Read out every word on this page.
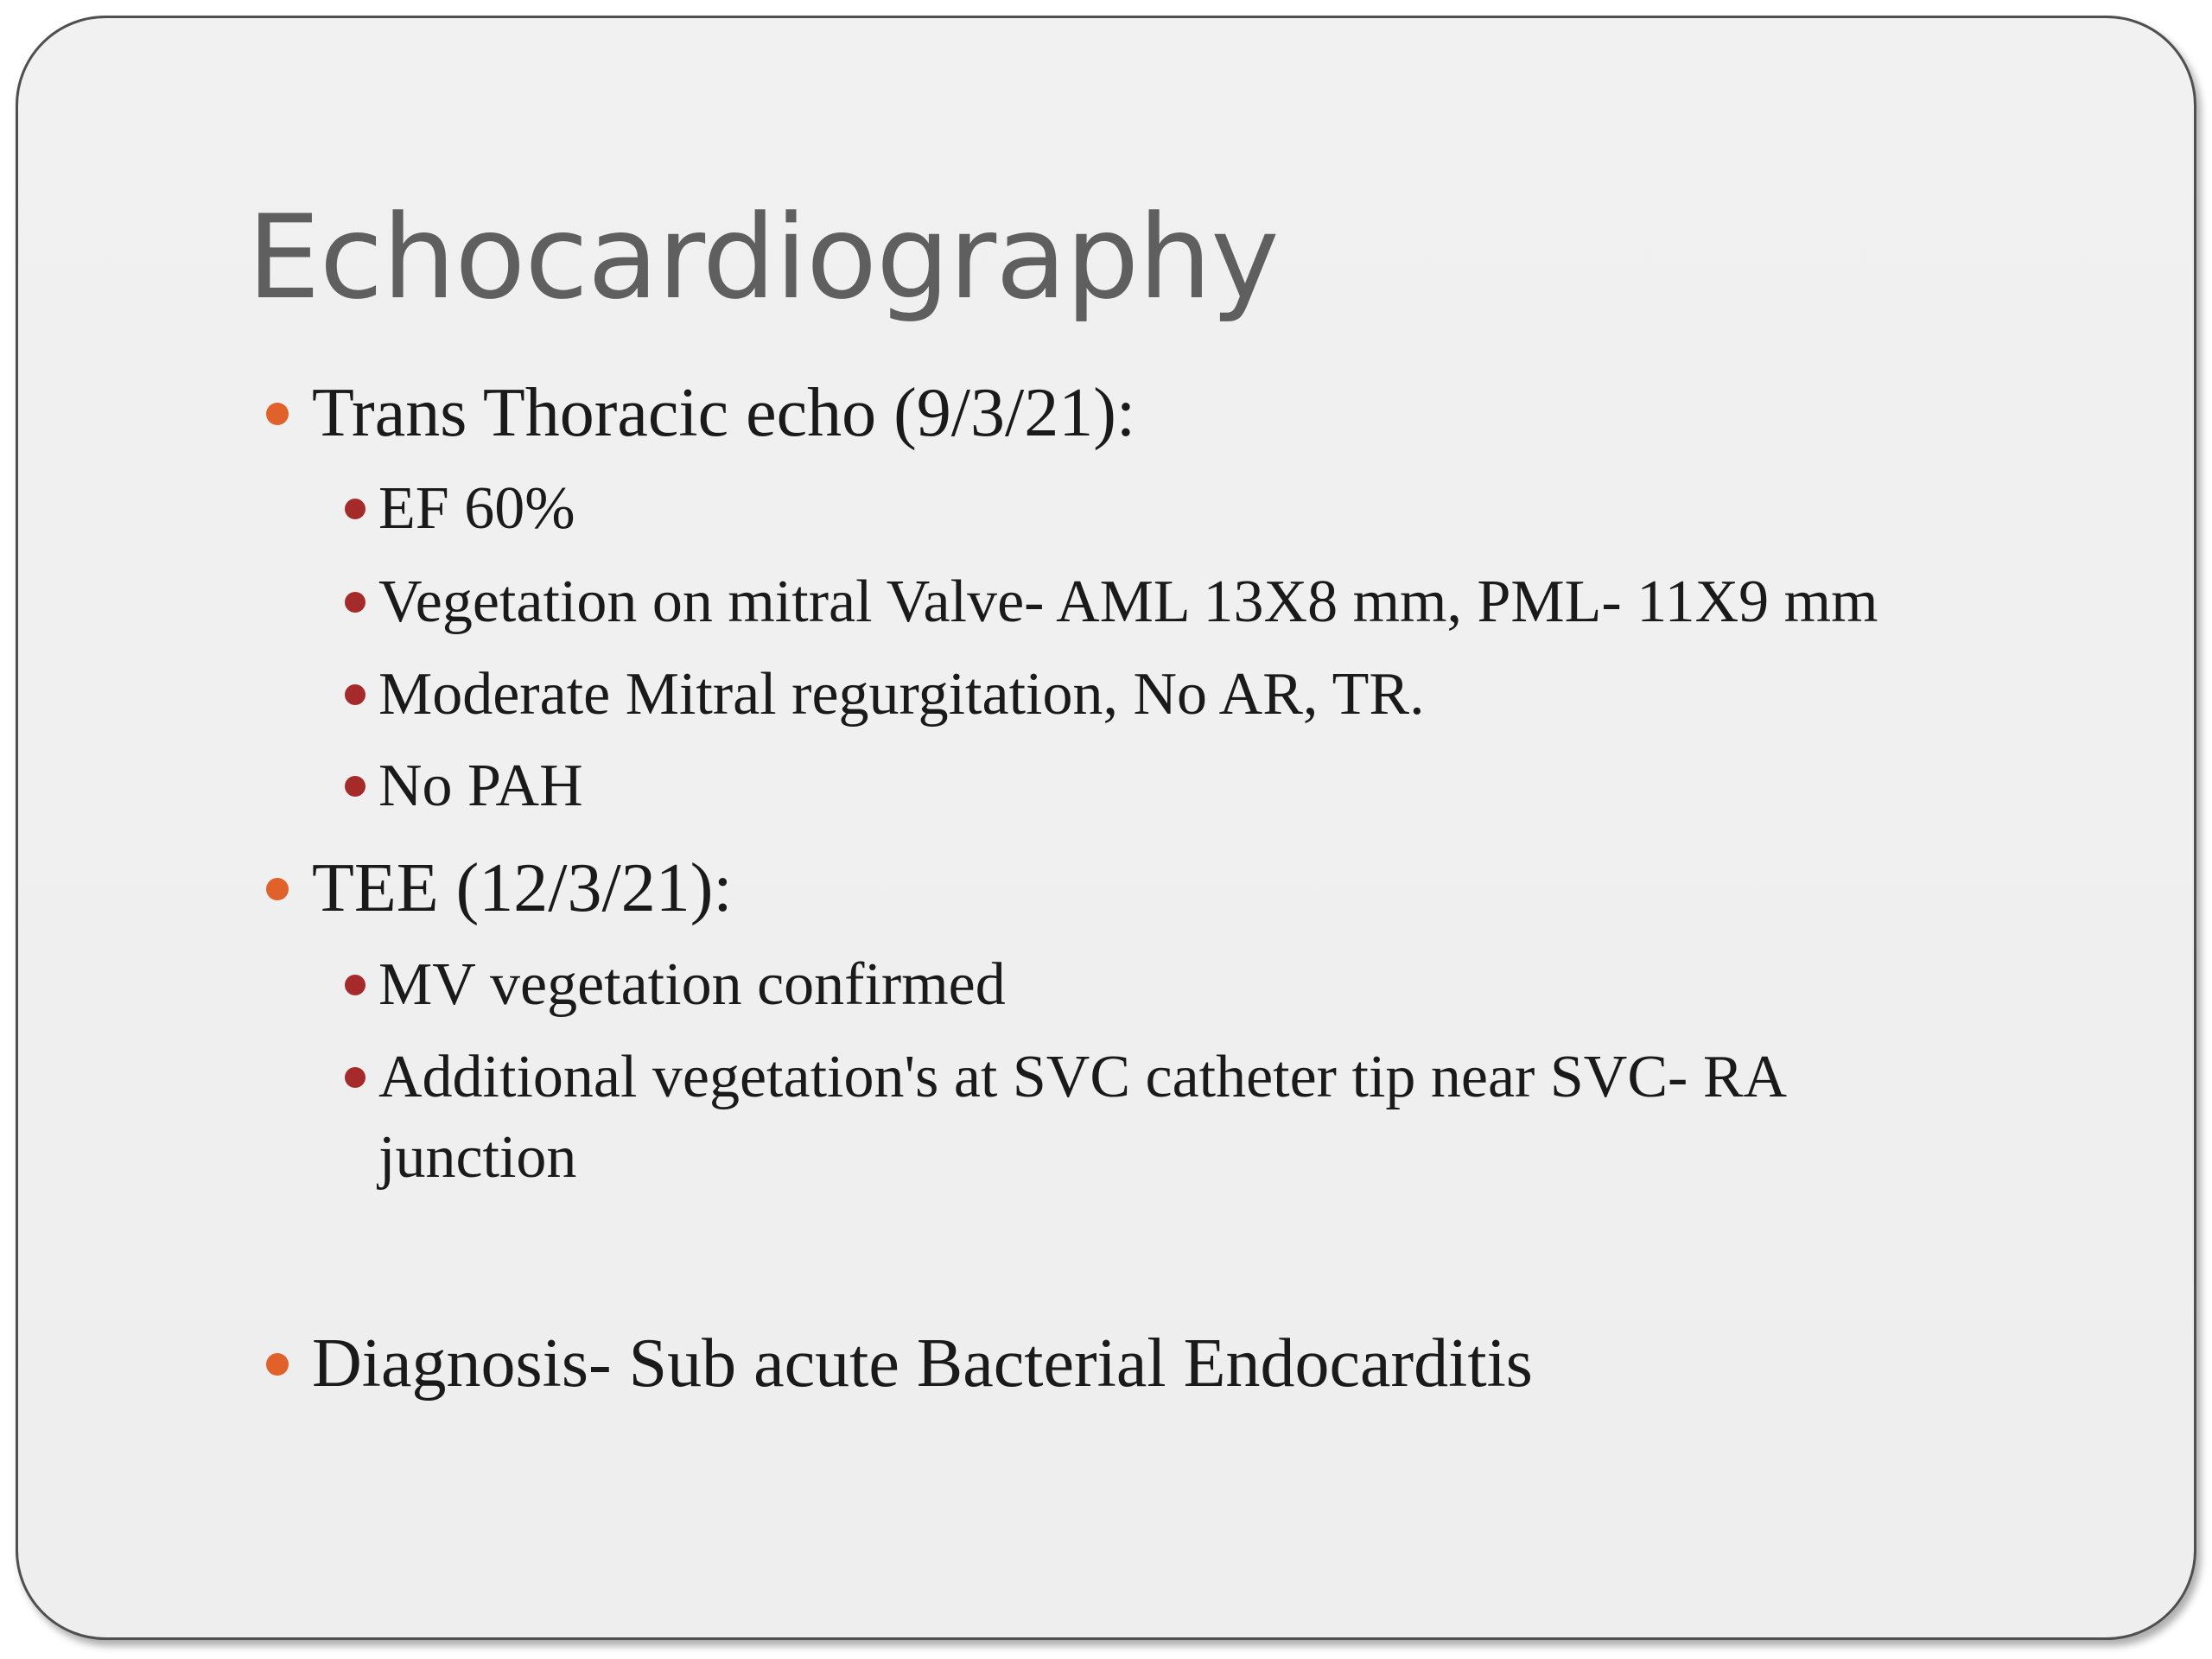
Echocardiography
Trans Thoracic echo (9/3/21):
EF 60%
Vegetation on mitral Valve- AML 13X8 mm, PML- 11X9 mm
Moderate Mitral regurgitation, No AR, TR.
No PAH
TEE (12/3/21):
MV vegetation confirmed
Additional vegetation's at SVC catheter tip near SVC- RA
junction
Diagnosis- Sub acute Bacterial Endocarditis
